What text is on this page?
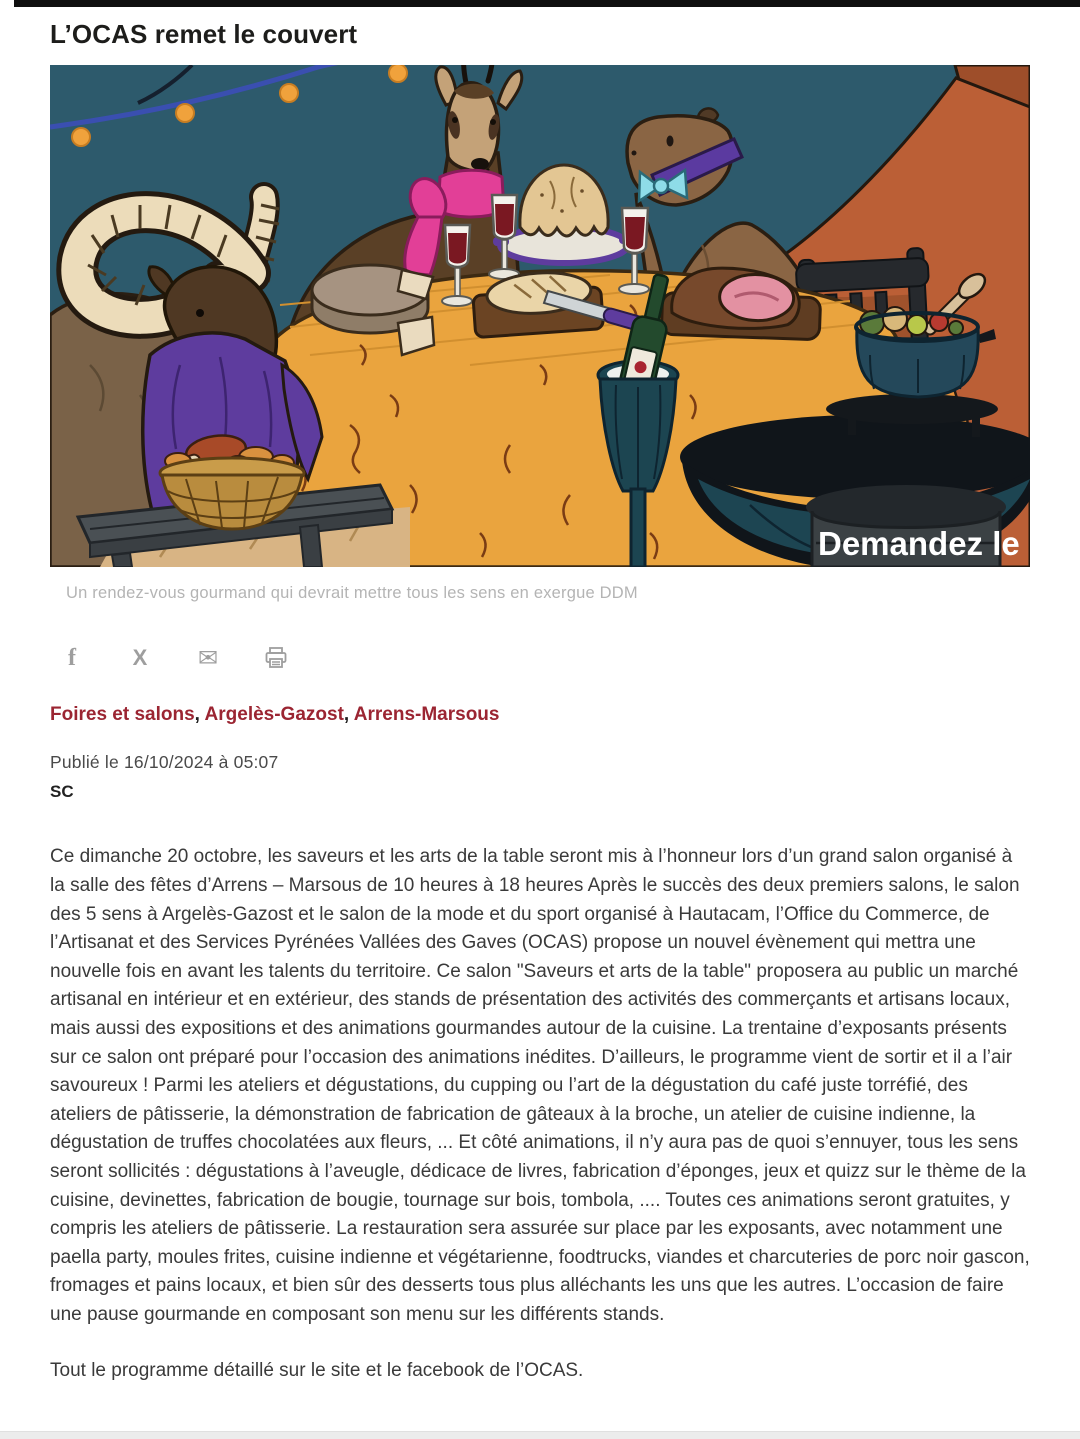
L’OCAS remet le couvert
Demandez le
Un rendez-vous gourmand qui devrait mettre tous les sens en exergue DDM
f	X ✉
Foires et salons, Argelès-Gazost, Arrens-Marsous
Publié le 16/10/2024 à 05:07
SC

Ce dimanche 20 octobre, les saveurs et les arts de la table seront mis à l’honneur lors d’un grand salon organisé à la salle des fêtes d’Arrens – Marsous de 10 heures à 18 heures Après le succès des deux premiers salons, le salon des 5 sens à Argelès-Gazost et le salon de la mode et du sport organisé à Hautacam, l’Office du Commerce, de l’Artisanat et des Services Pyrénées Vallées des Gaves (OCAS) propose un nouvel évènement qui mettra une nouvelle fois en avant les talents du territoire. Ce salon "Saveurs et arts de la table" proposera au public un marché artisanal en intérieur et en extérieur, des stands de présentation des activités des commerçants et artisans locaux, mais aussi des expositions et des animations gourmandes autour de la cuisine. La trentaine d’exposants présents sur ce salon ont préparé pour l’occasion des animations inédites. D’ailleurs, le programme vient de sortir et il a l’air savoureux ! Parmi les ateliers et dégustations, du cupping ou l’art de la dégustation du café juste torréfié, des ateliers de pâtisserie, la démonstration de fabrication de gâteaux à la broche, un atelier de cuisine indienne, la dégustation de truffes chocolatées aux fleurs, ... Et côté animations, il n’y aura pas de quoi s’ennuyer, tous les sens seront sollicités : dégustations à l’aveugle, dédicace de livres, fabrication d’éponges, jeux et quizz sur le thème de la cuisine, devinettes, fabrication de bougie, tournage sur bois, tombola, .... Toutes ces animations seront gratuites, y compris les ateliers de pâtisserie. La restauration sera assurée sur place par les exposants, avec notamment une paella party, moules frites, cuisine indienne et végétarienne, foodtrucks, viandes et charcuteries de porc noir gascon, fromages et pains locaux, et bien sûr des desserts tous plus alléchants les uns que les autres. L’occasion de faire une pause gourmande en composant son menu sur les différents stands.

Tout le programme détaillé sur le site et le facebook de l’OCAS.
